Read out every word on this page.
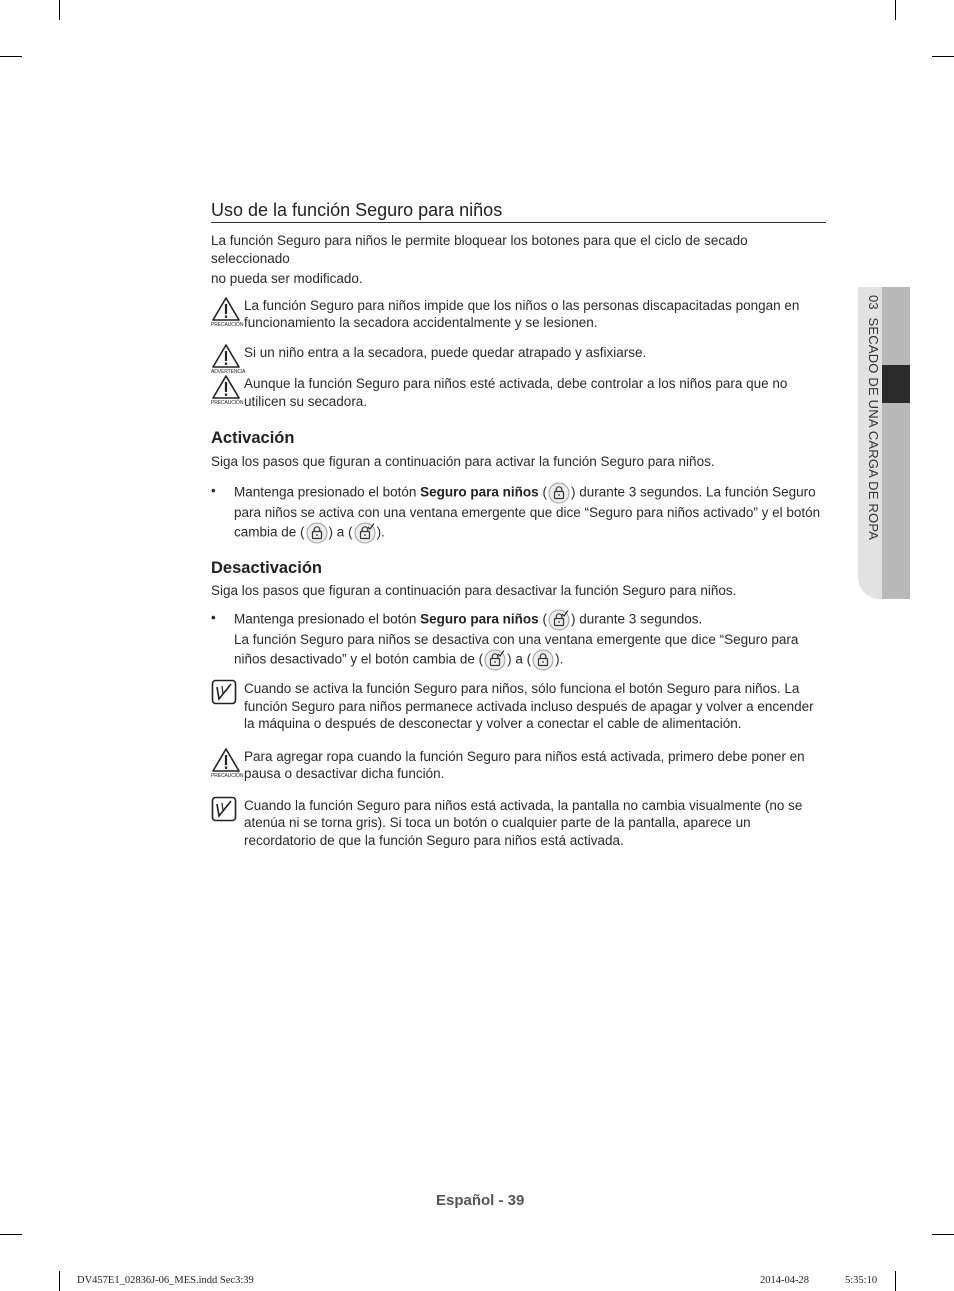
03  SECADO DE UNA CARGA DE ROPA
Uso de la función Seguro para niños

La función Seguro para niños le permite bloquear los botones para que el ciclo de secado seleccionado

no pueda ser modificado.

PRECAUCIÓN
La función Seguro para niños impide que los niños o las personas discapacitadas pongan en funcionamiento la secadora accidentalmente y se lesionen.
ADVERTENCIA
Si un niño entra a la secadora, puede quedar atrapado y asfixiarse.
PRECAUCIÓN
Aunque la función Seguro para niños esté activada, debe controlar a los niños para que no utilicen su secadora.
Activación

Siga los pasos que figuran a continuación para activar la función Seguro para niños.

• Mantenga presionado el botón Seguro para niños ( ) durante 3 segundos. La función Seguro para niños se activa con una ventana emergente que dice “Seguro para niños activado” y el botón cambia de ( ) a ( ).
Desactivación

Siga los pasos que figuran a continuación para desactivar la función Seguro para niños.

• Mantenga presionado el botón Seguro para niños ( ) durante 3 segundos.
La función Seguro para niños se desactiva con una ventana emergente que dice “Seguro para niños desactivado” y el botón cambia de ( ) a ( ).
Cuando se activa la función Seguro para niños, sólo funciona el botón Seguro para niños. La función Seguro para niños permanece activada incluso después de apagar y volver a encender la máquina o después de desconectar y volver a conectar el cable de alimentación.
PRECAUCIÓN
Para agregar ropa cuando la función Seguro para niños está activada, primero debe poner en pausa o desactivar dicha función.
Cuando la función Seguro para niños está activada, la pantalla no cambia visualmente (no se atenúa ni se torna gris). Si toca un botón o cualquier parte de la pantalla, aparece un recordatorio de que la función Seguro para niños está activada.
Español - 39
DV457E1_02836J-06_MES.indd Sec3:39	2014-04-28	5:35:10
